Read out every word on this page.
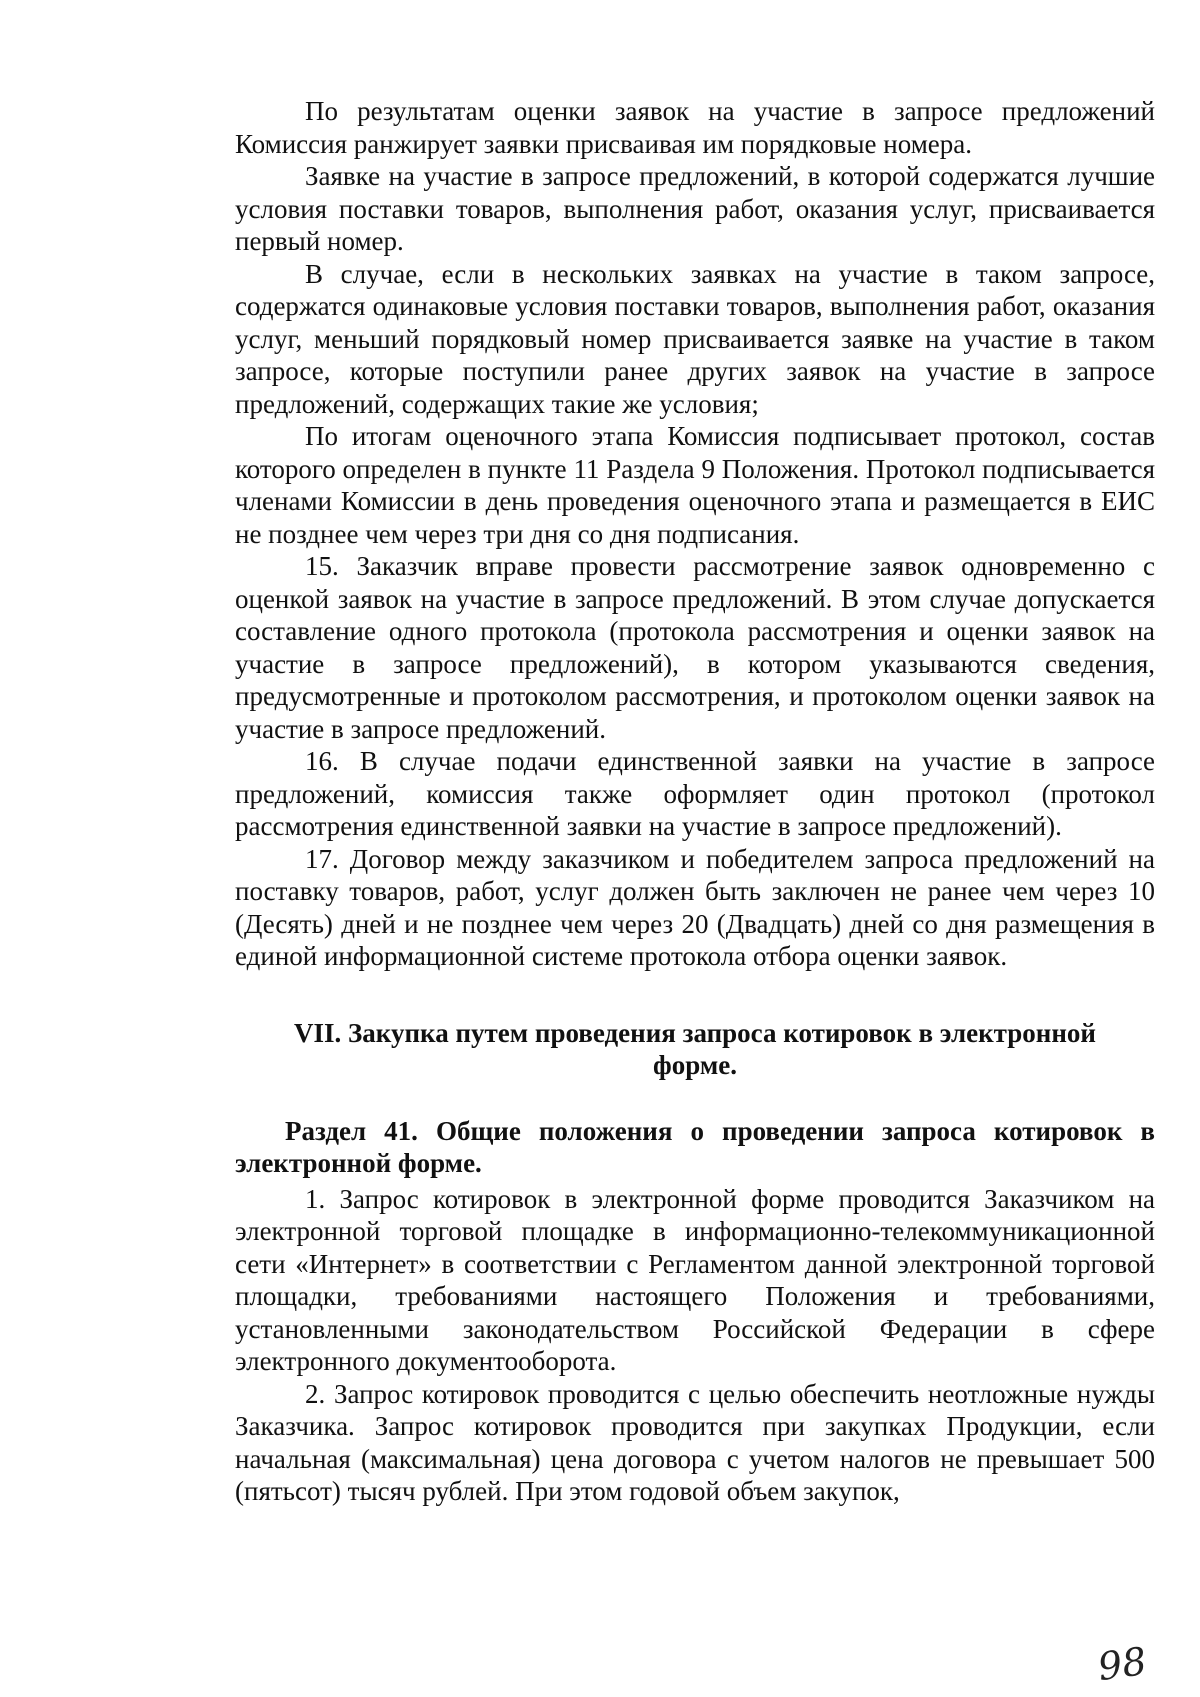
По результатам оценки заявок на участие в запросе предложений Комиссия ранжирует заявки присваивая им порядковые номера.

Заявке на участие в запросе предложений, в которой содержатся лучшие условия поставки товаров, выполнения работ, оказания услуг, присваивается первый номер.

В случае, если в нескольких заявках на участие в таком запросе, содержатся одинаковые условия поставки товаров, выполнения работ, оказания услуг, меньший порядковый номер присваивается заявке на участие в таком запросе, которые поступили ранее других заявок на участие в запросе предложений, содержащих такие же условия;

По итогам оценочного этапа Комиссия подписывает протокол, состав которого определен в пункте 11 Раздела 9 Положения. Протокол подписывается членами Комиссии в день проведения оценочного этапа и размещается в ЕИС не позднее чем через три дня со дня подписания.

15. Заказчик вправе провести рассмотрение заявок одновременно с оценкой заявок на участие в запросе предложений. В этом случае допускается составление одного протокола (протокола рассмотрения и оценки заявок на участие в запросе предложений), в котором указываются сведения, предусмотренные и протоколом рассмотрения, и протоколом оценки заявок на участие в запросе предложений.

16. В случае подачи единственной заявки на участие в запросе предложений, комиссия также оформляет один протокол (протокол рассмотрения единственной заявки на участие в запросе предложений).

17. Договор между заказчиком и победителем запроса предложений на поставку товаров, работ, услуг должен быть заключен не ранее чем через 10 (Десять) дней и не позднее чем через 20 (Двадцать) дней со дня размещения в единой информационной системе протокола отбора оценки заявок.

VII. Закупка путем проведения запроса котировок в электронной форме.
Раздел 41. Общие положения о проведении запроса котировок в электронной форме.

1. Запрос котировок в электронной форме проводится Заказчиком на электронной торговой площадке в информационно-телекоммуникационной сети «Интернет» в соответствии с Регламентом данной электронной торговой площадки, требованиями настоящего Положения и требованиями, установленными законодательством Российской Федерации в сфере электронного документооборота.

2. Запрос котировок проводится с целью обеспечить неотложные нужды Заказчика. Запрос котировок проводится при закупках Продукции, если начальная (максимальная) цена договора с учетом налогов не превышает 500 (пятьсот) тысяч рублей. При этом годовой объем закупок,

98
